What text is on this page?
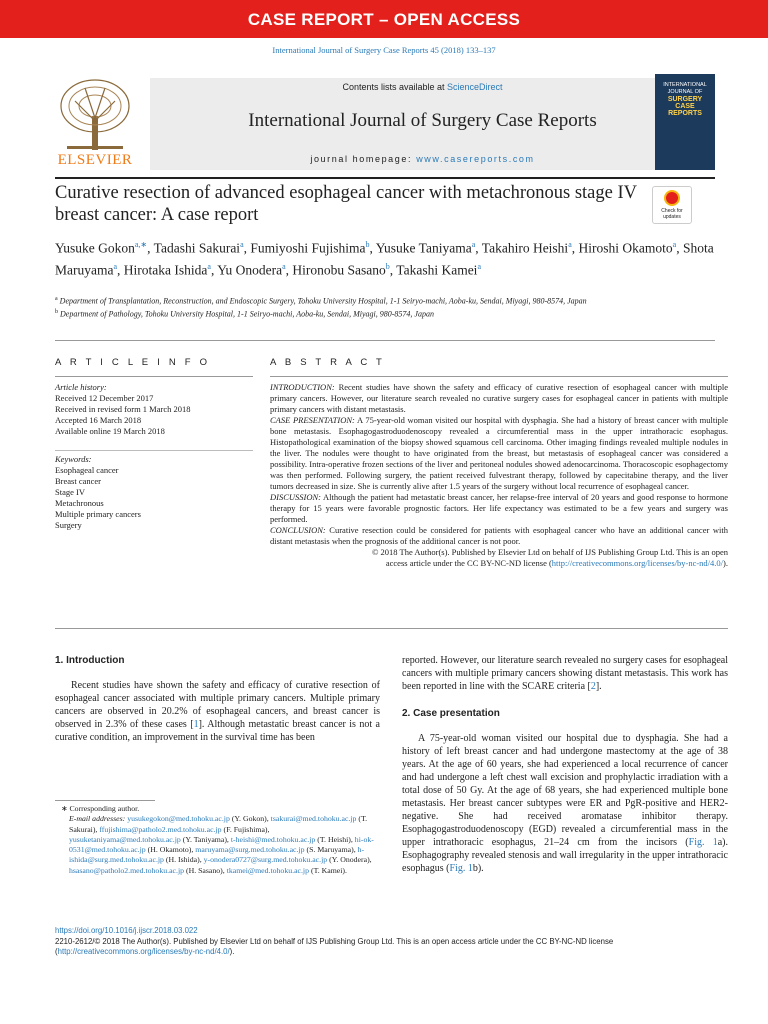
CASE REPORT – OPEN ACCESS
International Journal of Surgery Case Reports 45 (2018) 133–137
ELSEVIER
Contents lists available at ScienceDirect
International Journal of Surgery Case Reports
journal homepage: www.casereports.com
INTERNATIONAL JOURNAL OF
SURGERY
CASE REPORTS
Curative resection of advanced esophageal cancer with metachronous stage IV breast cancer: A case report	Check for updates
Yusuke Gokon$^{a,∗}$, Tadashi Sakurai$^a$, Fumiyoshi Fujishima$^b$, Yusuke Taniyama$^a$, Takahiro Heishi$^a$, Hiroshi Okamoto$^a$, Shota Maruyama$^a$, Hirotaka Ishida$^a$, Yu Onodera$^a$, Hironobu Sasano$^b$, Takashi Kamei$^a$
$^a$ Department of Transplantation, Reconstruction, and Endoscopic Surgery, Tohoku University Hospital, 1-1 Seiryo-machi, Aoba-ku, Sendai, Miyagi, 980-8574, Japan
$^b$ Department of Pathology, Tohoku University Hospital, 1-1 Seiryo-machi, Aoba-ku, Sendai, Miyagi, 980-8574, Japan
A R T I C L E I N F O	A B S T R A C T
Article history:
Received 12 December 2017
Received in revised form 1 March 2018
Accepted 16 March 2018
Available online 19 March 2018
Keywords:
Esophageal cancer
Breast cancer
Stage IV
Metachronous
Multiple primary cancers
Surgery

INTRODUCTION: Recent studies have shown the safety and efficacy of curative resection of esophageal cancer with multiple primary cancers. However, our literature search revealed no curative surgery cases for esophageal cancer in patients with multiple primary cancers with distant metastasis.

CASE PRESENTATION: A 75-year-old woman visited our hospital with dysphagia. She had a history of breast cancer with multiple bone metastasis. Esophagogastroduodenoscopy revealed a circumferential mass in the upper intrathoracic esophagus. Histopathological examination of the biopsy showed squamous cell carcinoma. Other imaging findings revealed multiple nodules in the liver. The nodules were thought to have originated from the breast, but metastasis of esophageal cancer was considered a possibility. Intra-operative frozen sections of the liver and peritoneal nodules showed adenocarcinoma. Thoracoscopic esophagectomy was then performed. Following surgery, the patient received fulvestrant therapy, followed by capecitabine therapy, and the liver tumors decreased in size. She is currently alive after 1.5 years of the surgery without local recurrence of esophageal cancer.

DISCUSSION: Although the patient had metastatic breast cancer, her relapse-free interval of 20 years and good response to hormone therapy for 15 years were favorable prognostic factors. Her life expectancy was estimated to be a few years and surgery was performed.

CONCLUSION: Curative resection could be considered for patients with esophageal cancer who have an additional cancer with distant metastasis when the prognosis of the additional cancer is not poor.

© 2018 The Author(s). Published by Elsevier Ltd on behalf of IJS Publishing Group Ltd. This is an open
access article under the CC BY-NC-ND license (http://creativecommons.org/licenses/by-nc-nd/4.0/).

1. Introduction

Recent studies have shown the safety and efficacy of curative resection of esophageal cancer associated with multiple primary cancers. Multiple primary cancers are observed in 20.2% of esophageal cancers, and breast cancer is observed in 2.3% of these cases [1]. Although metastatic breast cancer is not a curative condition, an improvement in the survival time has been

reported. However, our literature search revealed no surgery cases for esophageal cancers with multiple primary cancers showing distant metastasis. This work has been reported in line with the SCARE criteria [2].

2. Case presentation

A 75-year-old woman visited our hospital due to dysphagia. She had a history of left breast cancer and had undergone mastectomy at the age of 38 years. At the age of 60 years, she had experienced a local recurrence of cancer and had undergone a left chest wall excision and prophylactic irradiation with a total dose of 50 Gy. At the age of 68 years, she had experienced multiple bone metastasis. Her breast cancer subtypes were ER and PgR-positive and HER2-negative. She had received aromatase inhibitor therapy. Esophagogastroduodenoscopy (EGD) revealed a circumferential mass in the upper intrathoracic esophagus, 21–24 cm from the incisors (Fig. 1a). Esophagography revealed stenosis and wall irregularity in the upper intrathoracic esophagus (Fig. 1b).

∗ Corresponding author.
E-mail addresses: yusukegokon@med.tohoku.ac.jp (Y. Gokon), tsakurai@med.tohoku.ac.jp (T. Sakurai), ffujishima@patholo2.med.tohoku.ac.jp (F. Fujishima), yusuketaniyama@med.tohoku.ac.jp (Y. Taniyama), t-heishi@med.tohoku.ac.jp (T. Heishi), hi-ok-0531@med.tohoku.ac.jp (H. Okamoto), maruyama@surg.med.tohoku.ac.jp (S. Maruyama), h-ishida@surg.med.tohoku.ac.jp (H. Ishida), y-onodera0727@surg.med.tohoku.ac.jp (Y. Onodera), hsasano@patholo2.med.tohoku.ac.jp (H. Sasano), tkamei@med.tohoku.ac.jp (T. Kamei).
https://doi.org/10.1016/j.ijscr.2018.03.022
2210-2612/© 2018 The Author(s). Published by Elsevier Ltd on behalf of IJS Publishing Group Ltd. This is an open access article under the CC BY-NC-ND license (http://creativecommons.org/licenses/by-nc-nd/4.0/).
